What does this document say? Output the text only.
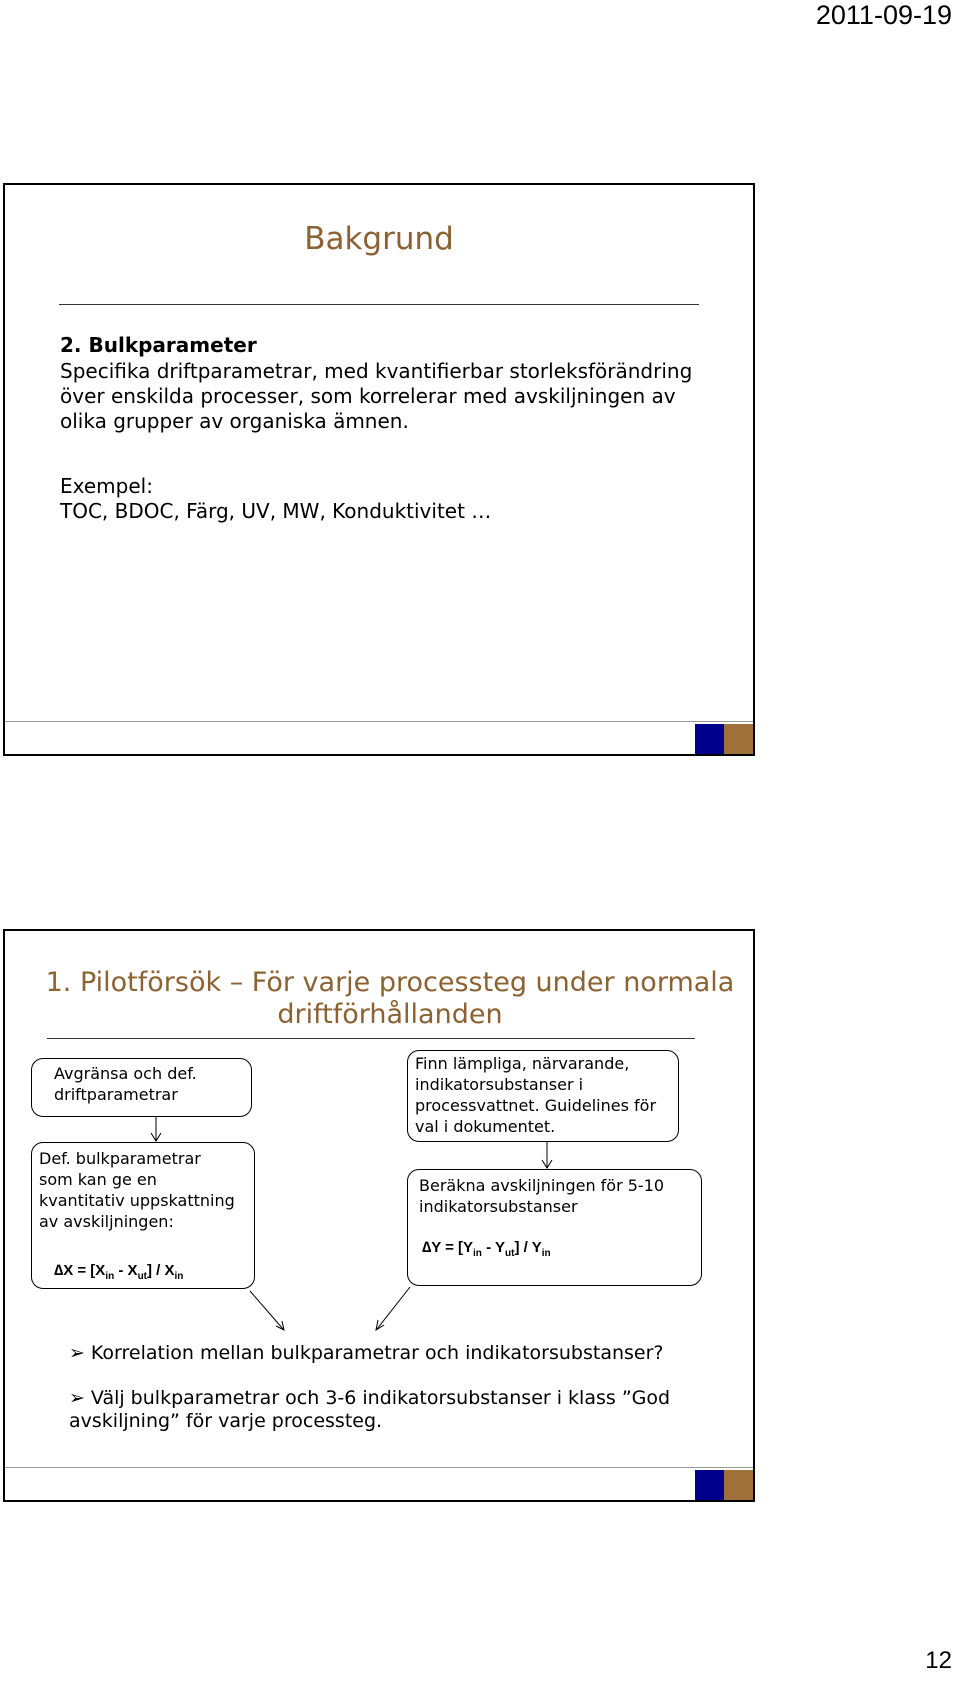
2011-09-19
Bakgrund
2. Bulkparameter
Specifika driftparametrar, med kvantifierbar storleksförändring
över enskilda processer, som korrelerar med avskiljningen av
olika grupper av organiska ämnen.
Exempel:
TOC, BDOC, Färg, UV, MW, Konduktivitet …
1. Pilotförsök – För varje processteg under normala
driftförhållanden

Avgränsa och def.

driftparametrar

Def. bulkparametrar

som kan ge en

kvantitativ uppskattning

av avskiljningen:

$\Delta X = [X_{in} - X_{ut}] / X_{in}$

Finn lämpliga, närvarande,

indikatorsubstanser i

processvattnet. Guidelines för

val i dokumentet.

Beräkna avskiljningen för 5-10

indikatorsubstanser

$\Delta Y = [Y_{in} - Y_{ut}] / Y_{in}$
➢ Korrelation mellan bulkparametrar och indikatorsubstanser?
➢ Välj bulkparametrar och 3-6 indikatorsubstanser i klass ”God avskiljning” för varje processteg.
12
